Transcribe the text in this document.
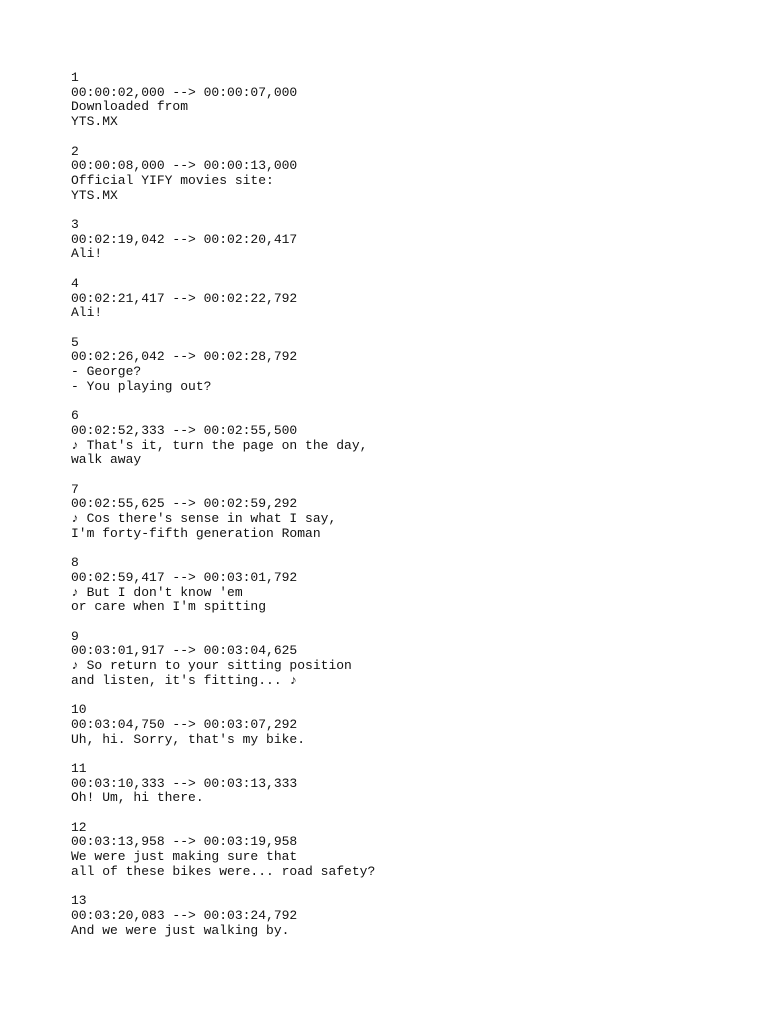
1
00:00:02,000 --> 00:00:07,000
Downloaded from
YTS.MX
2
00:00:08,000 --> 00:00:13,000
Official YIFY movies site:
YTS.MX
3
00:02:19,042 --> 00:02:20,417
Ali!
4
00:02:21,417 --> 00:02:22,792
Ali!
5
00:02:26,042 --> 00:02:28,792
- George?
- You playing out?
6
00:02:52,333 --> 00:02:55,500
♪ That's it, turn the page on the day,
walk away
7
00:02:55,625 --> 00:02:59,292
♪ Cos there's sense in what I say,
I'm forty-fifth generation Roman
8
00:02:59,417 --> 00:03:01,792
♪ But I don't know 'em
or care when I'm spitting
9
00:03:01,917 --> 00:03:04,625
♪ So return to your sitting position
and listen, it's fitting... ♪
10
00:03:04,750 --> 00:03:07,292
Uh, hi. Sorry, that's my bike.
11
00:03:10,333 --> 00:03:13,333
Oh! Um, hi there.
12
00:03:13,958 --> 00:03:19,958
We were just making sure that
all of these bikes were... road safety?
13
00:03:20,083 --> 00:03:24,792
And we were just walking by.
